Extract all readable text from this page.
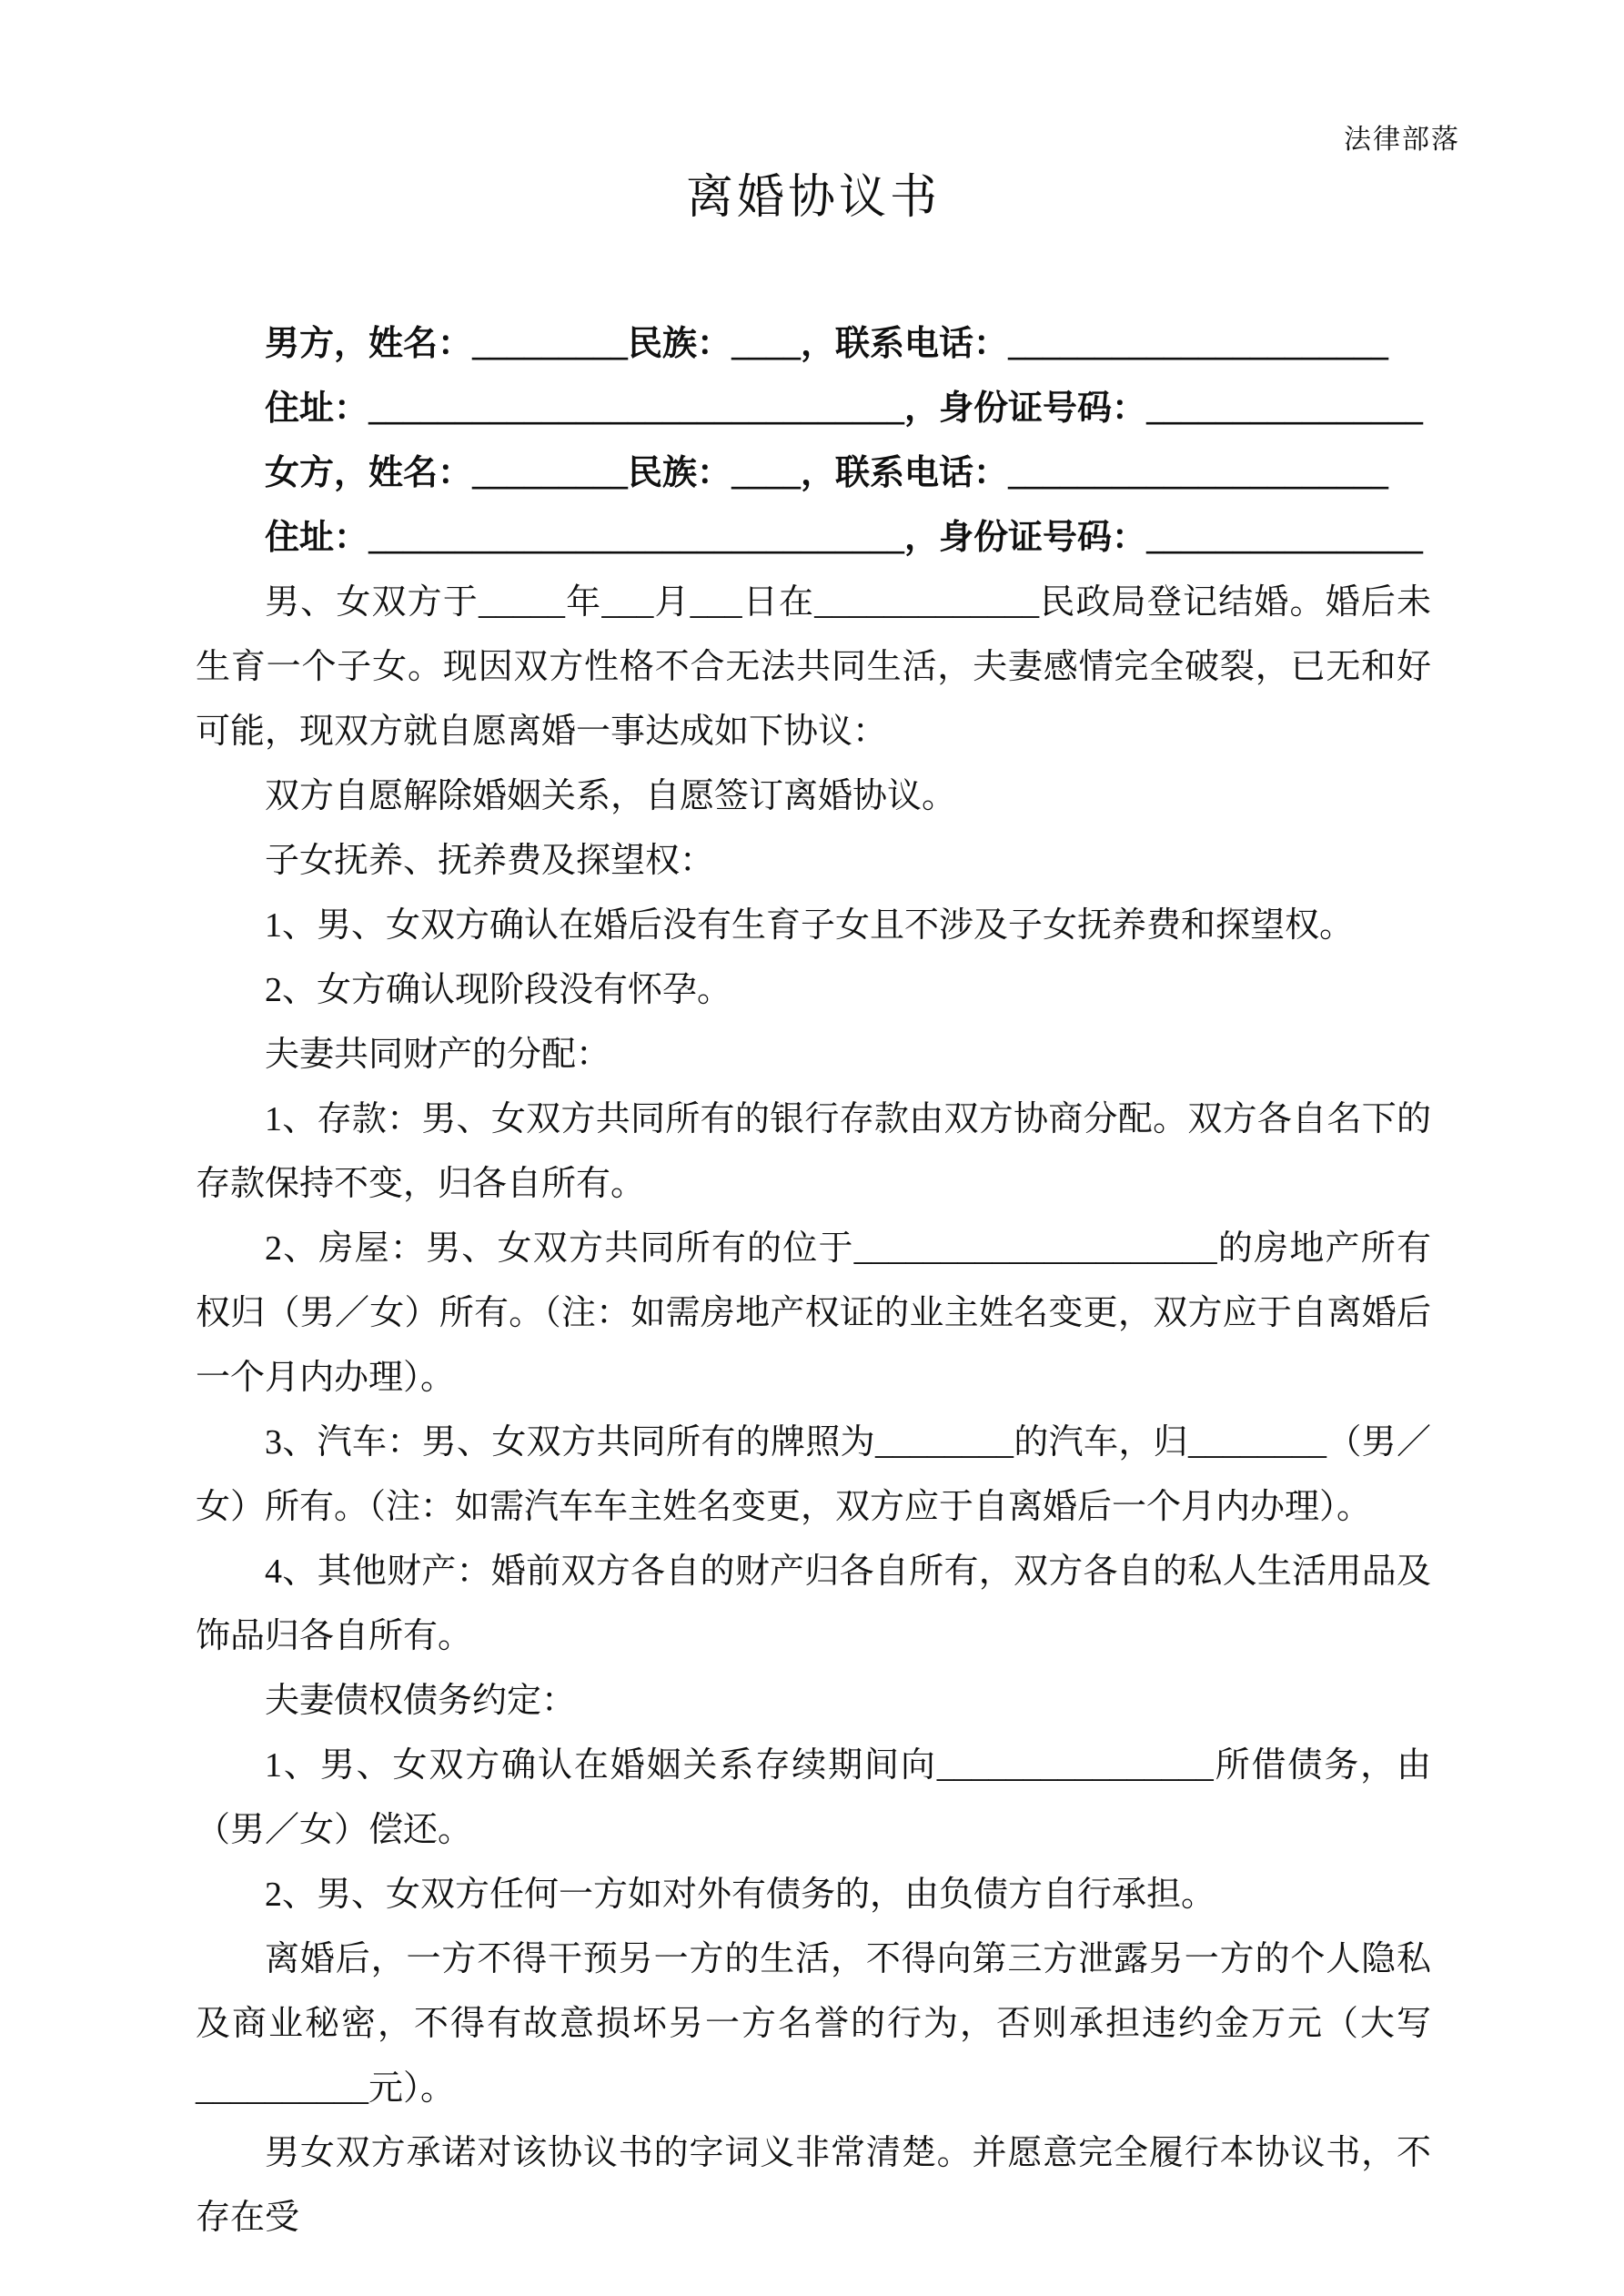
法律部落
离婚协议书

男方，姓名：_________民族：____，联系电话：______________________

住址：_______________________________，身份证号码：________________

女方，姓名：_________民族：____，联系电话：______________________

住址：_______________________________，身份证号码：________________

男、女双方于_____年___月___日在_____________民政局登记结婚。婚后未生育一个子女。现因双方性格不合无法共同生活，夫妻感情完全破裂，已无和好可能，现双方就自愿离婚一事达成如下协议：

双方自愿解除婚姻关系，自愿签订离婚协议。

子女抚养、抚养费及探望权：

1、男、女双方确认在婚后没有生育子女且不涉及子女抚养费和探望权。

2、女方确认现阶段没有怀孕。

夫妻共同财产的分配：

1、存款：男、女双方共同所有的银行存款由双方协商分配。双方各自名下的存款保持不变，归各自所有。

2、房屋：男、女双方共同所有的位于_____________________的房地产所有权归（男／女）所有。（注：如需房地产权证的业主姓名变更，双方应于自离婚后一个月内办理）。

3、汽车：男、女双方共同所有的牌照为________的汽车，归________（男／女）所有。（注：如需汽车车主姓名变更，双方应于自离婚后一个月内办理）。

4、其他财产：婚前双方各自的财产归各自所有，双方各自的私人生活用品及饰品归各自所有。

夫妻债权债务约定：

1、男、女双方确认在婚姻关系存续期间向________________所借债务，由（男／女）偿还。

2、男、女双方任何一方如对外有债务的，由负债方自行承担。

离婚后，一方不得干预另一方的生活，不得向第三方泄露另一方的个人隐私及商业秘密，不得有故意损坏另一方名誉的行为，否则承担违约金万元（大写__________元）。

男女双方承诺对该协议书的字词义非常清楚。并愿意完全履行本协议书，不存在受
